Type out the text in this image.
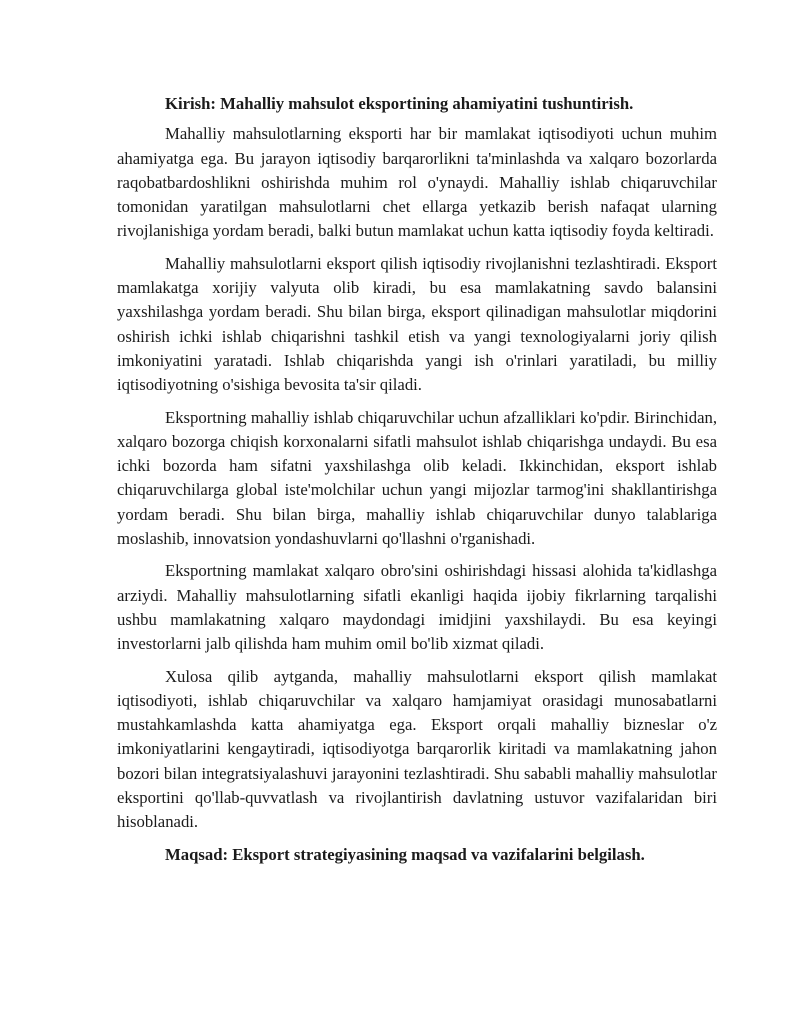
Kirish: Mahalliy mahsulot eksportining ahamiyatini tushuntirish.

Mahalliy mahsulotlarning eksporti har bir mamlakat iqtisodiyoti uchun muhim ahamiyatga ega. Bu jarayon iqtisodiy barqarorlikni ta'minlashda va xalqaro bozorlarda raqobatbardoshlikni oshirishda muhim rol o'ynaydi. Mahalliy ishlab chiqaruvchilar tomonidan yaratilgan mahsulotlarni chet ellarga yetkazib berish nafaqat ularning rivojlanishiga yordam beradi, balki butun mamlakat uchun katta iqtisodiy foyda keltiradi.

Mahalliy mahsulotlarni eksport qilish iqtisodiy rivojlanishni tezlashtiradi. Eksport mamlakatga xorijiy valyuta olib kiradi, bu esa mamlakatning savdo balansini yaxshilashga yordam beradi. Shu bilan birga, eksport qilinadigan mahsulotlar miqdorini oshirish ichki ishlab chiqarishni tashkil etish va yangi texnologiyalarni joriy qilish imkoniyatini yaratadi. Ishlab chiqarishda yangi ish o'rinlari yaratiladi, bu milliy iqtisodiyotning o'sishiga bevosita ta'sir qiladi.

Eksportning mahalliy ishlab chiqaruvchilar uchun afzalliklari ko'pdir. Birinchidan, xalqaro bozorga chiqish korxonalarni sifatli mahsulot ishlab chiqarishga undaydi. Bu esa ichki bozorda ham sifatni yaxshilashga olib keladi. Ikkinchidan, eksport ishlab chiqaruvchilarga global iste'molchilar uchun yangi mijozlar tarmog'ini shakllantirishga yordam beradi. Shu bilan birga, mahalliy ishlab chiqaruvchilar dunyo talablariga moslashib, innovatsion yondashuvlarni qo'llashni o'rganishadi.

Eksportning mamlakat xalqaro obro'sini oshirishdagi hissasi alohida ta'kidlashga arziydi. Mahalliy mahsulotlarning sifatli ekanligi haqida ijobiy fikrlarning tarqalishi ushbu mamlakatning xalqaro maydondagi imidjini yaxshilaydi. Bu esa keyingi investorlarni jalb qilishda ham muhim omil bo'lib xizmat qiladi.

Xulosa qilib aytganda, mahalliy mahsulotlarni eksport qilish mamlakat iqtisodiyoti, ishlab chiqaruvchilar va xalqaro hamjamiyat orasidagi munosabatlarni mustahkamlashda katta ahamiyatga ega. Eksport orqali mahalliy bizneslar o'z imkoniyatlarini kengaytiradi, iqtisodiyotga barqarorlik kiritadi va mamlakatning jahon bozori bilan integratsiyalashuvi jarayonini tezlashtiradi. Shu sababli mahalliy mahsulotlar eksportini qo'llab-quvvatlash va rivojlantirish davlatning ustuvor vazifalaridan biri hisoblanadi.

Maqsad: Eksport strategiyasining maqsad va vazifalarini belgilash.
